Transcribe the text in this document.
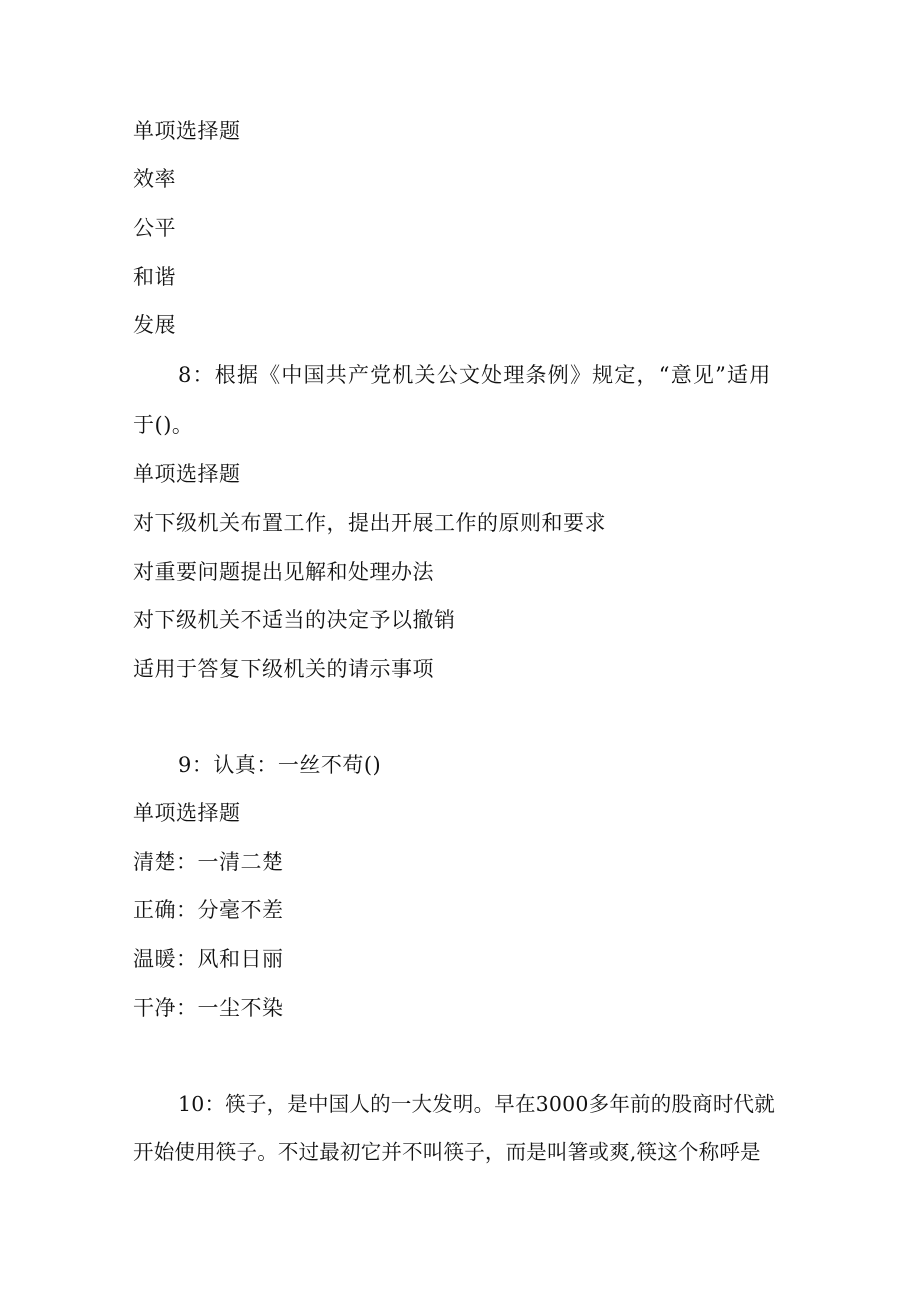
单项选择题
效率
公平
和谐
发展
8：根据《中国共产党机关公文处理条例》规定，“意见”适用
于()。
单项选择题
对下级机关布置工作，提出开展工作的原则和要求
对重要问题提出见解和处理办法
对下级机关不适当的决定予以撤销
适用于答复下级机关的请示事项
9：认真：一丝不苟()
单项选择题
清楚：一清二楚
正确：分毫不差
温暖：风和日丽
干净：一尘不染
10：筷子，是中国人的一大发明。早在3000多年前的股商时代就
开始使用筷子。不过最初它并不叫筷子，而是叫箸或爽,筷这个称呼是
